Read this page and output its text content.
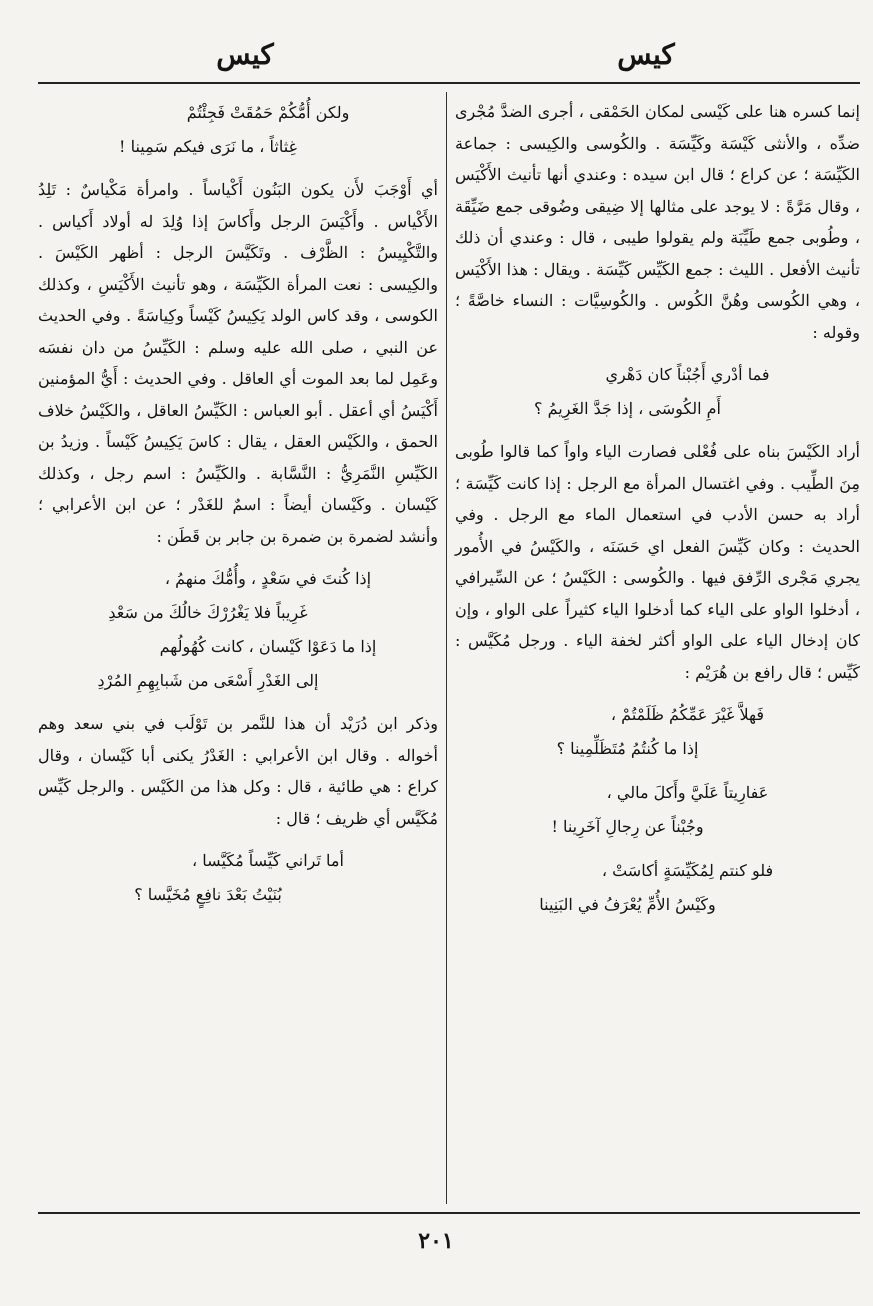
كيس
كيس

إنما كسره هنا على كَيْسى لمكان الحَمْقى ، أجرى الضدَّ مُجْرى ضدِّه ، والأنثى كَيْسَة وكَيِّسَة . والكُوسى والكِيسى : جماعة الكَيِّسَة ؛ عن كراع ؛ قال ابن سيده : وعندي أنها تأنيث الأَكْيَس ، وقال مَرَّةً : لا يوجد على مثالها إلا ضِيقى وضُوقى جمع ضَيِّقَة ، وطُوبى جمع طَيِّبَة ولم يقولوا طيبى ، قال : وعندي أن ذلك تأنيث الأفعل . الليث : جمع الكَيِّس كَيِّسَة . ويقال : هذا الأَكْيَس ، وهي الكُوسى وهُنَّ الكُوس . والكُوسِيَّات : النساء خاصَّةً ؛ وقوله :

فما أدْري أَجُبْناً كان دَهْري

أَمِ الكُوسَى ، إذا جَدَّ الغَرِيمُ ؟

أراد الكَيْسَ بناه على فُعْلى فصارت الياء واواً كما قالوا طُوبى مِنَ الطِّيب . وفي اغتسال المرأة مع الرجل : إذا كانت كَيِّسَة ؛ أراد به حسن الأدب في استعمال الماء مع الرجل . وفي الحديث : وكان كَيِّسَ الفعل اي حَسَنَه ، والكَيْسُ في الأُمور يجري مَجْرى الرِّفق فيها . والكُوسى : الكَيْسُ ؛ عن السِّيرافي ، أدخلوا الواو على الياء كما أدخلوا الياء كثيراً على الواو ، وإن كان إدخال الياء على الواو أكثر لخفة الياء . ورجل مُكَيَّس : كَيِّس ؛ قال رافع بن هُرَيْم :

فَهلاَّ غَيْرَ عَمِّكُمُ ظَلَمْتُمْ ،

إذا ما كُنتُمُ مُتَظَلِّمِينا ؟

عَفارِيتاً عَلَيَّ وأَكلَ مالي ،

وجُبْناً عن رِجالِ آخَرِينا !

فلو كنتم لِمُكَيِّسَةٍ أكاسَتْ ،

وكَيْسُ الأُمِّ يُعْرَفُ في البَنِينا

ولكن أُمُّكُمْ حَمُقَتْ فَجِئْتُمْ

غِثاثاً ، ما نَرَى فيكم سَمِينا !

أي أَوْجَبَ لأَن يكون البَنُون أَكْياساً . وامرأة مَكْياسٌ : تَلِدُ الأَكْياس . وأَكْيَسَ الرجل وأَكاسَ إذا وُلِدَ له أولاد أَكياس . والتَّكْيِيسُ : الظَّرْف . وتَكَيَّسَ الرجل : أظهر الكَيْسَ . والكِيسى : نعت المرأة الكَيِّسَة ، وهو تأنيث الأَكْيَسِ ، وكذلك الكوسى ، وقد كاس الولد يَكِيسُ كَيْساً وكِياسَةً . وفي الحديث عن النبي ، صلى الله عليه وسلم : الكَيِّسُ من دان نفسَه وعَمِل لما بعد الموت أي العاقل . وفي الحديث : أَيُّ المؤمنين أَكْيَسُ أي أعقل . أبو العباس : الكَيِّسُ العاقل ، والكَيْسُ خلاف الحمق ، والكَيْس العقل ، يقال : كاسَ يَكِيسُ كَيْساً . وزيدُ بن الكَيِّسِ النَّمَرِيُّ : النَّسَّابة . والكَيِّسُ : اسم رجل ، وكذلك كَيْسان . وكَيْسان أيضاً : اسمٌ للغَدْر ؛ عن ابن الأعرابي ؛ وأنشد لضمرة بن ضمرة بن جابر بن قَطَن :

إذا كُنتَ في سَعْدٍ ، وأُمُّكَ منهمُ ،

غَرِيباً فلا يَغْرُرْكَ خالُكَ من سَعْدِ

إذا ما دَعَوْا كَيْسان ، كانت كُهُولُهم

إلى الغَدْرِ أَسْعَى من شَبابِهِمِ المُرْدِ

وذكر ابن دُرَيْد أن هذا للنَّمر بن تَوْلَب في بني سعد وهم أخواله . وقال ابن الأعرابي : الغَدْرُ يكنى أبا كَيْسان ، وقال كراع : هي طائية ، قال : وكل هذا من الكَيْس . والرجل كَيِّس مُكَيَّس أي ظريف ؛ قال :

أما تَراني كَيِّساً مُكَيَّسا ،

بُنَيْتُ بَعْدَ نافِعٍ مُخَيَّسا ؟

٢٠١
